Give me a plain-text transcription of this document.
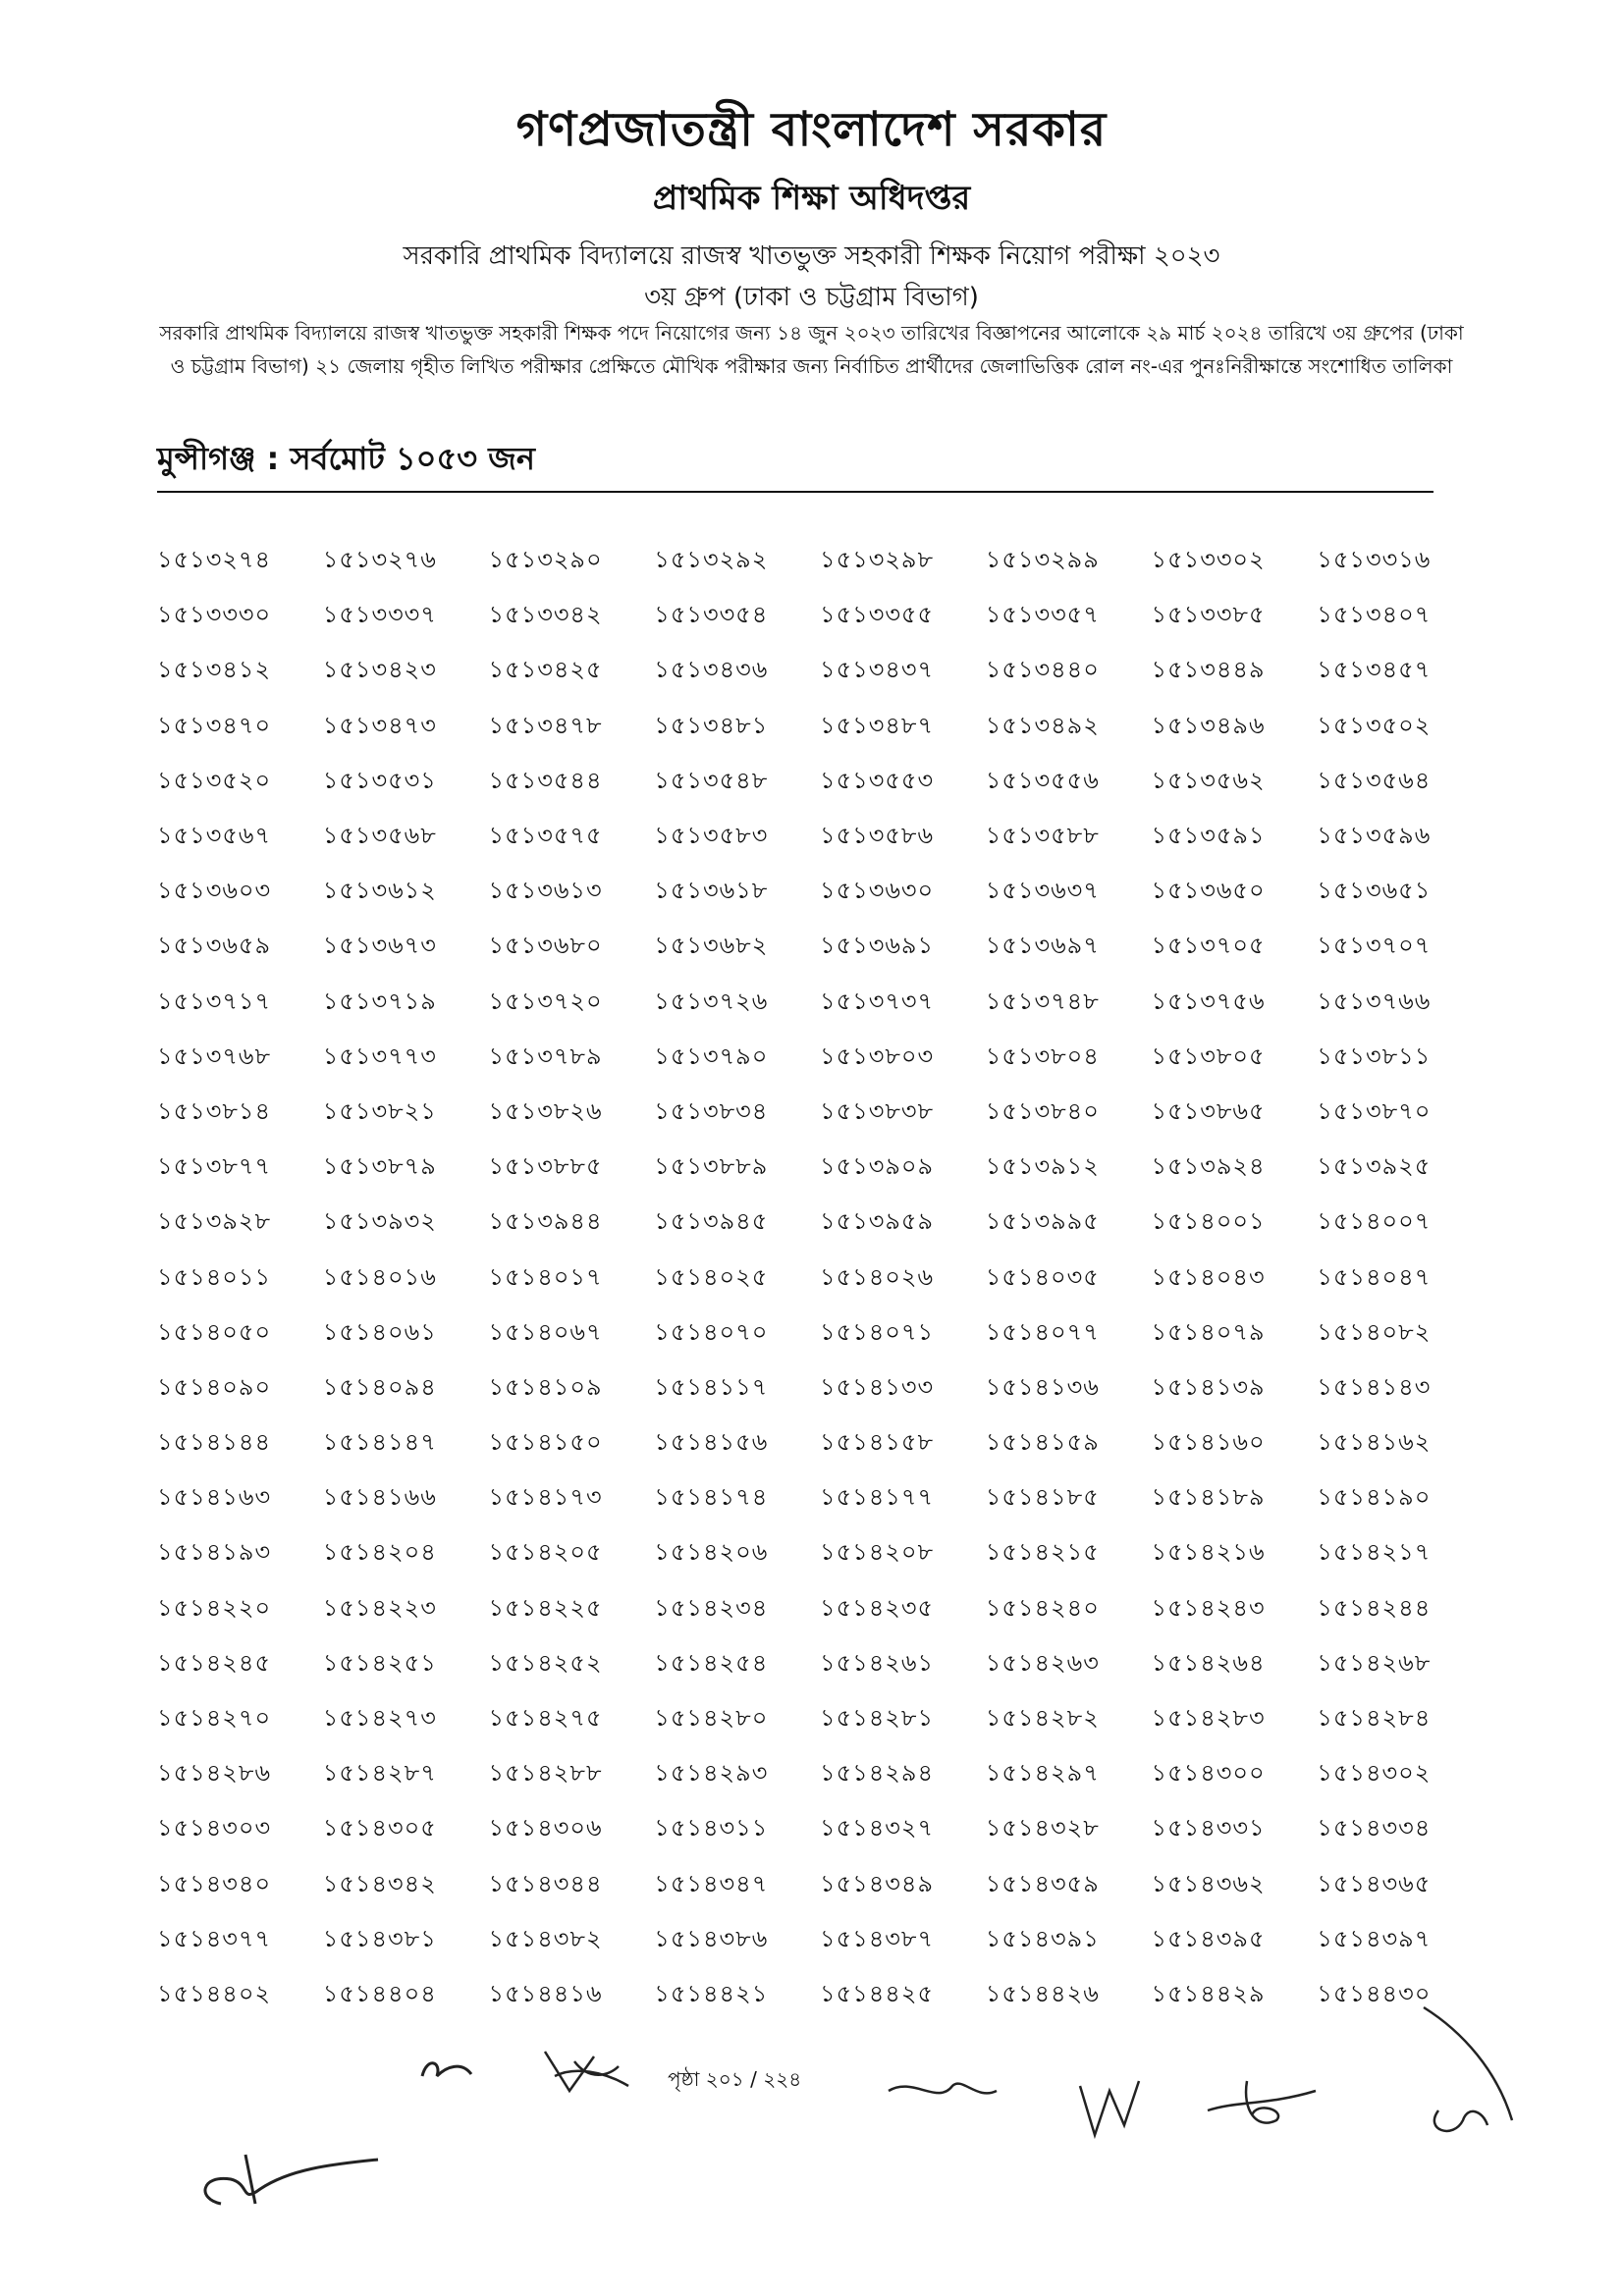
গণপ্রজাতন্ত্রী বাংলাদেশ সরকার
প্রাথমিক শিক্ষা অধিদপ্তর
সরকারি প্রাথমিক বিদ্যালয়ে রাজস্ব খাতভুক্ত সহকারী শিক্ষক নিয়োগ পরীক্ষা ২০২৩
৩য় গ্রুপ (ঢাকা ও চট্টগ্রাম বিভাগ)
সরকারি প্রাথমিক বিদ্যালয়ে রাজস্ব খাতভুক্ত সহকারী শিক্ষক পদে নিয়োগের জন্য ১৪ জুন ২০২৩ তারিখের বিজ্ঞাপনের আলোকে ২৯ মার্চ ২০২৪ তারিখে ৩য় গ্রুপের (ঢাকা ও চট্টগ্রাম বিভাগ) ২১ জেলায় গৃহীত লিখিত পরীক্ষার প্রেক্ষিতে মৌখিক পরীক্ষার জন্য নির্বাচিত প্রার্থীদের জেলাভিত্তিক রোল নং-এর পুনঃনিরীক্ষান্তে সংশোধিত তালিকা
মুন্সীগঞ্জ : সর্বমোট ১০৫৩ জন
১৫১৩২৭৪	১৫১৩২৭৬	১৫১৩২৯০	১৫১৩২৯২	১৫১৩২৯৮	১৫১৩২৯৯	১৫১৩৩০২	১৫১৩৩১৬
১৫১৩৩৩০	১৫১৩৩৩৭	১৫১৩৩৪২	১৫১৩৩৫৪	১৫১৩৩৫৫	১৫১৩৩৫৭	১৫১৩৩৮৫	১৫১৩৪০৭
১৫১৩৪১২	১৫১৩৪২৩	১৫১৩৪২৫	১৫১৩৪৩৬	১৫১৩৪৩৭	১৫১৩৪৪০	১৫১৩৪৪৯	১৫১৩৪৫৭
১৫১৩৪৭০	১৫১৩৪৭৩	১৫১৩৪৭৮	১৫১৩৪৮১	১৫১৩৪৮৭	১৫১৩৪৯২	১৫১৩৪৯৬	১৫১৩৫০২
১৫১৩৫২০	১৫১৩৫৩১	১৫১৩৫৪৪	১৫১৩৫৪৮	১৫১৩৫৫৩	১৫১৩৫৫৬	১৫১৩৫৬২	১৫১৩৫৬৪
১৫১৩৫৬৭	১৫১৩৫৬৮	১৫১৩৫৭৫	১৫১৩৫৮৩	১৫১৩৫৮৬	১৫১৩৫৮৮	১৫১৩৫৯১	১৫১৩৫৯৬
১৫১৩৬০৩	১৫১৩৬১২	১৫১৩৬১৩	১৫১৩৬১৮	১৫১৩৬৩০	১৫১৩৬৩৭	১৫১৩৬৫০	১৫১৩৬৫১
১৫১৩৬৫৯	১৫১৩৬৭৩	১৫১৩৬৮০	১৫১৩৬৮২	১৫১৩৬৯১	১৫১৩৬৯৭	১৫১৩৭০৫	১৫১৩৭০৭
১৫১৩৭১৭	১৫১৩৭১৯	১৫১৩৭২০	১৫১৩৭২৬	১৫১৩৭৩৭	১৫১৩৭৪৮	১৫১৩৭৫৬	১৫১৩৭৬৬
১৫১৩৭৬৮	১৫১৩৭৭৩	১৫১৩৭৮৯	১৫১৩৭৯০	১৫১৩৮০৩	১৫১৩৮০৪	১৫১৩৮০৫	১৫১৩৮১১
১৫১৩৮১৪	১৫১৩৮২১	১৫১৩৮২৬	১৫১৩৮৩৪	১৫১৩৮৩৮	১৫১৩৮৪০	১৫১৩৮৬৫	১৫১৩৮৭০
১৫১৩৮৭৭	১৫১৩৮৭৯	১৫১৩৮৮৫	১৫১৩৮৮৯	১৫১৩৯০৯	১৫১৩৯১২	১৫১৩৯২৪	১৫১৩৯২৫
১৫১৩৯২৮	১৫১৩৯৩২	১৫১৩৯৪৪	১৫১৩৯৪৫	১৫১৩৯৫৯	১৫১৩৯৯৫	১৫১৪০০১	১৫১৪০০৭
১৫১৪০১১	১৫১৪০১৬	১৫১৪০১৭	১৫১৪০২৫	১৫১৪০২৬	১৫১৪০৩৫	১৫১৪০৪৩	১৫১৪০৪৭
১৫১৪০৫০	১৫১৪০৬১	১৫১৪০৬৭	১৫১৪০৭০	১৫১৪০৭১	১৫১৪০৭৭	১৫১৪০৭৯	১৫১৪০৮২
১৫১৪০৯০	১৫১৪০৯৪	১৫১৪১০৯	১৫১৪১১৭	১৫১৪১৩৩	১৫১৪১৩৬	১৫১৪১৩৯	১৫১৪১৪৩
১৫১৪১৪৪	১৫১৪১৪৭	১৫১৪১৫০	১৫১৪১৫৬	১৫১৪১৫৮	১৫১৪১৫৯	১৫১৪১৬০	১৫১৪১৬২
১৫১৪১৬৩	১৫১৪১৬৬	১৫১৪১৭৩	১৫১৪১৭৪	১৫১৪১৭৭	১৫১৪১৮৫	১৫১৪১৮৯	১৫১৪১৯০
১৫১৪১৯৩	১৫১৪২০৪	১৫১৪২০৫	১৫১৪২০৬	১৫১৪২০৮	১৫১৪২১৫	১৫১৪২১৬	১৫১৪২১৭
১৫১৪২২০	১৫১৪২২৩	১৫১৪২২৫	১৫১৪২৩৪	১৫১৪২৩৫	১৫১৪২৪০	১৫১৪২৪৩	১৫১৪২৪৪
১৫১৪২৪৫	১৫১৪২৫১	১৫১৪২৫২	১৫১৪২৫৪	১৫১৪২৬১	১৫১৪২৬৩	১৫১৪২৬৪	১৫১৪২৬৮
১৫১৪২৭০	১৫১৪২৭৩	১৫১৪২৭৫	১৫১৪২৮০	১৫১৪২৮১	১৫১৪২৮২	১৫১৪২৮৩	১৫১৪২৮৪
১৫১৪২৮৬	১৫১৪২৮৭	১৫১৪২৮৮	১৫১৪২৯৩	১৫১৪২৯৪	১৫১৪২৯৭	১৫১৪৩০০	১৫১৪৩০২
১৫১৪৩০৩	১৫১৪৩০৫	১৫১৪৩০৬	১৫১৪৩১১	১৫১৪৩২৭	১৫১৪৩২৮	১৫১৪৩৩১	১৫১৪৩৩৪
১৫১৪৩৪০	১৫১৪৩৪২	১৫১৪৩৪৪	১৫১৪৩৪৭	১৫১৪৩৪৯	১৫১৪৩৫৯	১৫১৪৩৬২	১৫১৪৩৬৫
১৫১৪৩৭৭	১৫১৪৩৮১	১৫১৪৩৮২	১৫১৪৩৮৬	১৫১৪৩৮৭	১৫১৪৩৯১	১৫১৪৩৯৫	১৫১৪৩৯৭
১৫১৪৪০২	১৫১৪৪০৪	১৫১৪৪১৬	১৫১৪৪২১	১৫১৪৪২৫	১৫১৪৪২৬	১৫১৪৪২৯	১৫১৪৪৩০
পৃষ্ঠা ২০১ / ২২৪
